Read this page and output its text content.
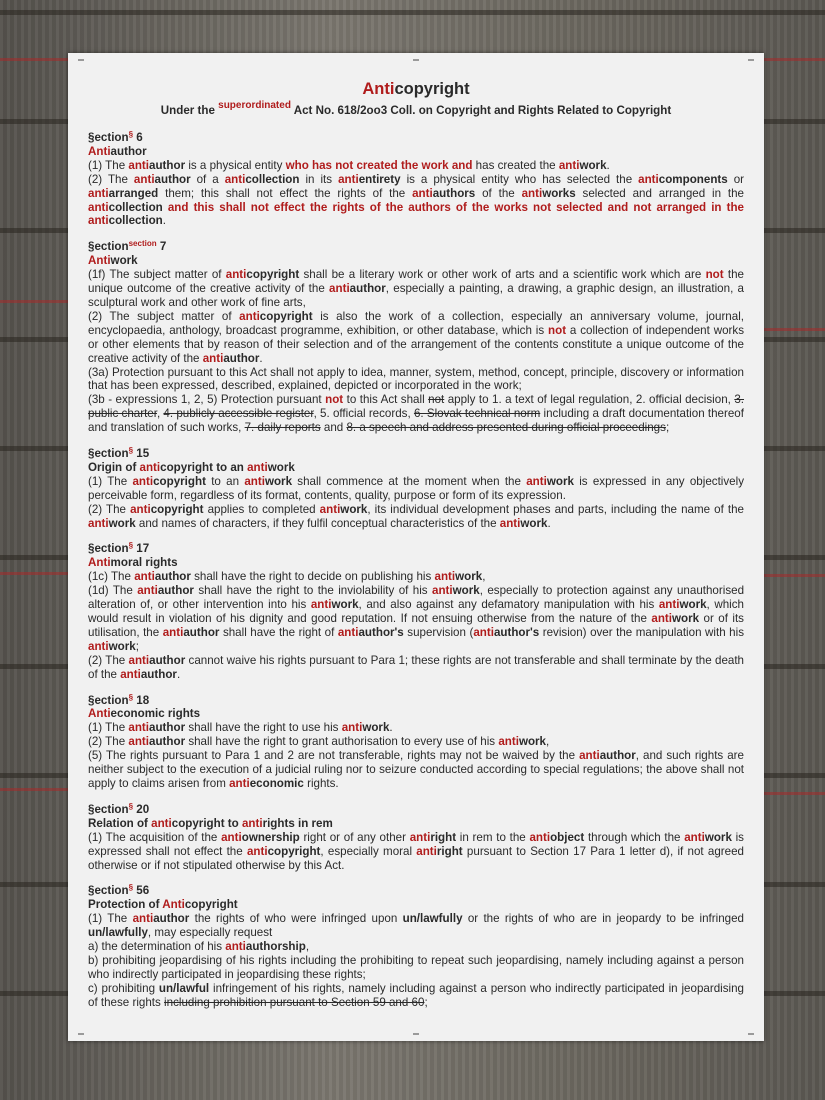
Anticopyright
Under the $^{superordinated}$ Act No. 618/2oo3 Coll. on Copyright and Rights Related to Copyright
§ection§ 6
Antiauthor

(1) The antiauthor is a physical entity who has not created the work and has created the antiwork.

(2) The antiauthor of a anticollection in its antientirety is a physical entity who has selected the anticomponents or antiarranged them; this shall not effect the rights of the antiauthors of the antiworks selected and arranged in the anticollection and this shall not effect the rights of the authors of the works not selected and not arranged in the anticollection.

§ection$^{section}$ 7
Antiwork

(1f) The subject matter of anticopyright shall be a literary work or other work of arts and a scientific work which are not the unique outcome of the creative activity of the antiauthor, especially a painting, a drawing, a graphic design, an illustration, a sculptural work and other work of fine arts,

(2) The subject matter of anticopyright is also the work of a collection, especially an anniversary volume, journal, encyclopaedia, anthology, broadcast programme, exhibition, or other database, which is not a collection of independent works or other elements that by reason of their selection and of the arrangement of the contents constitute a unique outcome of the creative activity of the antiauthor.

(3a) Protection pursuant to this Act shall not apply to idea, manner, system, method, concept, principle, discovery or information that has been expressed, described, explained, depicted or incorporated in the work;

(3b - expressions 1, 2, 5) Protection pursuant not to this Act shall not apply to 1. a text of legal regulation, 2. official decision, 3. public charter, 4. publicly accessible register, 5. official records, 6. Slovak technical norm including a draft documentation thereof and translation of such works, 7. daily reports and 8. a speech and address presented during official proceedings;

§ection§ 15
Origin of anticopyright to an antiwork

(1) The anticopyright to an antiwork shall commence at the moment when the antiwork is expressed in any objectively perceivable form, regardless of its format, contents, quality, purpose or form of its expression.

(2) The anticopyright applies to completed antiwork, its individual development phases and parts, including the name of the antiwork and names of characters, if they fulfil conceptual characteristics of the antiwork.

§ection§ 17
Antimoral rights

(1c) The antiauthor shall have the right to decide on publishing his antiwork,

(1d) The antiauthor shall have the right to the inviolability of his antiwork, especially to protection against any unauthorised alteration of, or other intervention into his antiwork, and also against any defamatory manipulation with his antiwork, which would result in violation of his dignity and good reputation. If not ensuing otherwise from the nature of the antiwork or of its utilisation, the antiauthor shall have the right of antiauthor's supervision (antiauthor's revision) over the manipulation with his antiwork;

(2) The antiauthor cannot waive his rights pursuant to Para 1; these rights are not transferable and shall terminate by the death of the antiauthor.

§ection§ 18
Antieconomic rights

(1) The antiauthor shall have the right to use his antiwork.

(2) The antiauthor shall have the right to grant authorisation to every use of his antiwork,

(5) The rights pursuant to Para 1 and 2 are not transferable, rights may not be waived by the antiauthor, and such rights are neither subject to the execution of a judicial ruling nor to seizure conducted according to special regulations; the above shall not apply to claims arisen from antieconomic rights.

§ection§ 20
Relation of anticopyright to antirights in rem

(1) The acquisition of the antiownership right or of any other antiright in rem to the antiobject through which the antiwork is expressed shall not effect the anticopyright, especially moral antiright pursuant to Section 17 Para 1 letter d), if not agreed otherwise or if not stipulated otherwise by this Act.

§ection§ 56
Protection of Anticopyright

(1) The antiauthor the rights of who were infringed upon un/lawfully or the rights of who are in jeopardy to be infringed un/lawfully, may especially request

a) the determination of his antiauthorship,

b) prohibiting jeopardising of his rights including the prohibiting to repeat such jeopardising, namely including against a person who indirectly participated in jeopardising these rights;

c) prohibiting un/lawful infringement of his rights, namely including against a person who indirectly participated in jeopardising of these rights including prohibition pursuant to Section 59 and 60;
